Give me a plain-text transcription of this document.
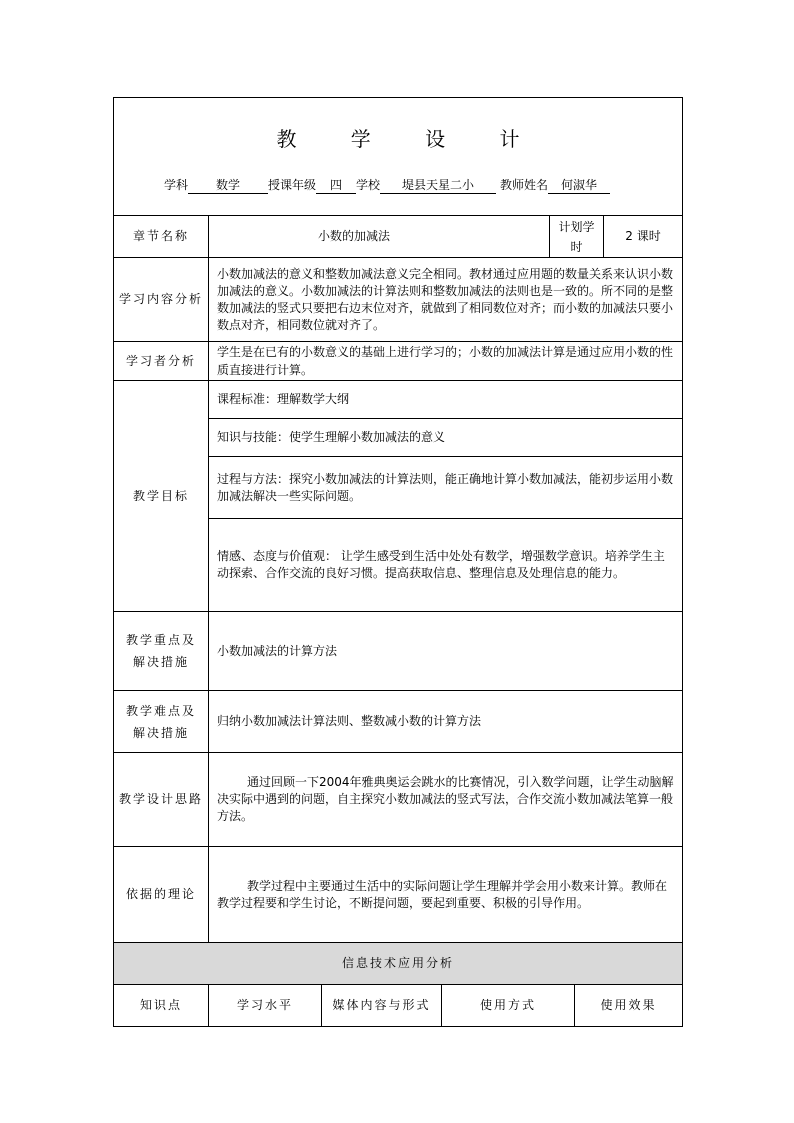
教 学 设 计
学科 数学 授课年级 四 学校 堤县天星二小 教师姓名 何淑华						

章节名称	小数的加减法			计划学时		2 课时
学习内容分析	小数加减法的意义和整数加减法意义完全相同。教材通过应用题的数量关系来认识小数加减法的意义。小数加减法的计算法则和整数加减法的法则也是一致的。所不同的是整数加减法的竖式只要把右边末位对齐，就做到了相同数位对齐；而小数的加减法只要小数点对齐，相同数位就对齐了。					
学习者分析	学生是在已有的小数意义的基础上进行学习的；小数的加减法计算是通过应用小数的性质直接进行计算。					
教学目标	课程标准：理解数学大纲					
	知识与技能：使学生理解小数加减法的意义					
	过程与方法：探究小数加减法的计算法则，能正确地计算小数加减法，能初步运用小数加减法解决一些实际问题。					
	情感、态度与价值观： 让学生感受到生活中处处有数学，增强数学意识。培养学生主动探索、合作交流的良好习惯。提高获取信息、整理信息及处理信息的能力。					
教学重点及解决措施	小数加减法的计算方法					
教学难点及解决措施	归纳小数加减法计算法则、整数减小数的计算方法					
教学设计思路	通过回顾一下2004年雅典奥运会跳水的比赛情况，引入数学问题，让学生动脑解决实际中遇到的问题，自主探究小数加减法的竖式写法，合作交流小数加减法笔算一般方法。					
依据的理论	教学过程中主要通过生活中的实际问题让学生理解并学会用小数来计算。教师在教学过程要和学生讨论，不断提问题，要起到重要、积极的引导作用。					
信息技术应用分析						
知识点	学习水平	媒体内容与形式	使用方式		使用效果	
